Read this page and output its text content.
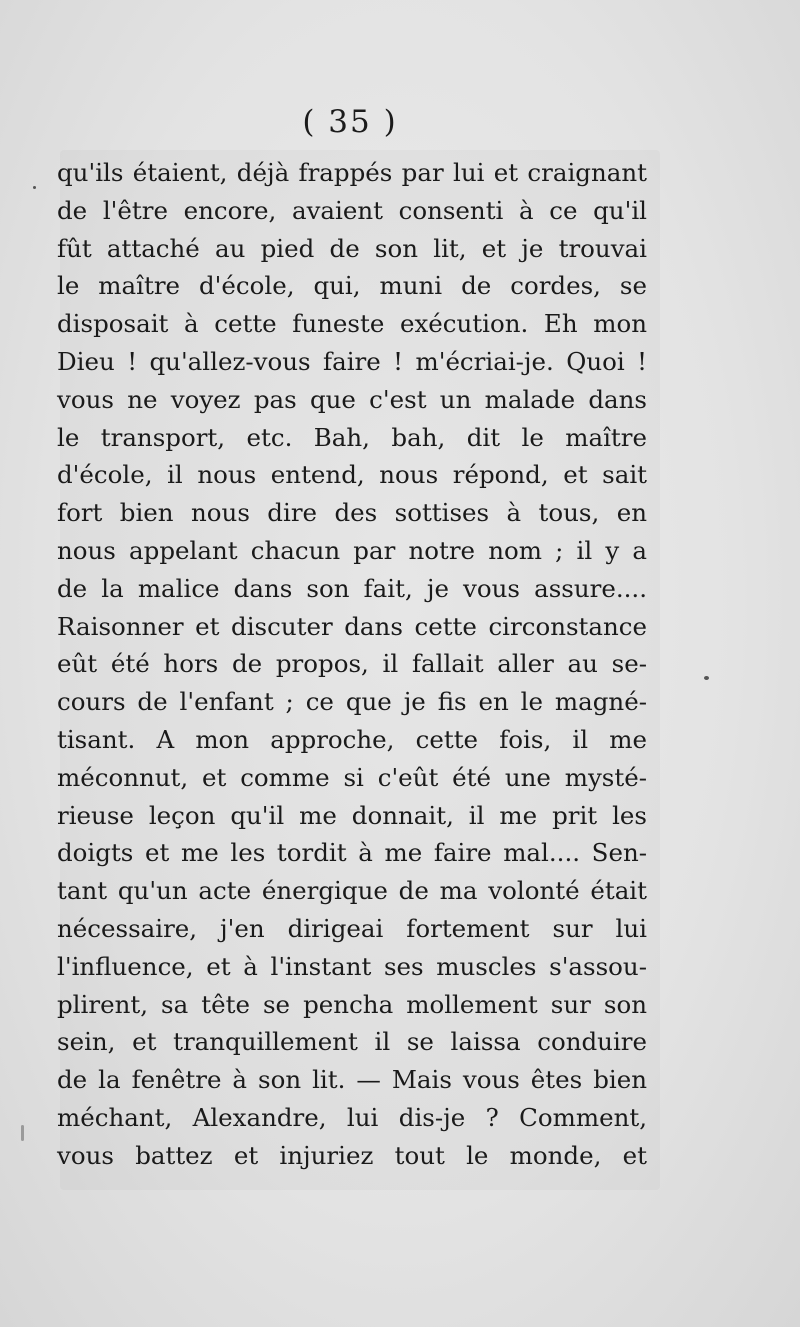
( 35 )
qu'ils étaient, déjà frappés par lui et craignant
de l'être encore, avaient consenti à ce qu'il
fût attaché au pied de son lit, et je trouvai
le maître d'école, qui, muni de cordes, se
disposait à cette funeste exécution. Eh mon
Dieu ! qu'allez-vous faire ! m'écriai-je. Quoi !
vous ne voyez pas que c'est un malade dans
le transport, etc. Bah, bah, dit le maître
d'école, il nous entend, nous répond, et sait
fort bien nous dire des sottises à tous, en
nous appelant chacun par notre nom ; il y a
de la malice dans son fait, je vous assure....
Raisonner et discuter dans cette circonstance
eût été hors de propos, il fallait aller au se-
cours de l'enfant ; ce que je fis en le magné-
tisant. A mon approche, cette fois, il me
méconnut, et comme si c'eût été une mysté-
rieuse leçon qu'il me donnait, il me prit les
doigts et me les tordit à me faire mal.... Sen-
tant qu'un acte énergique de ma volonté était
nécessaire, j'en dirigeai fortement sur lui
l'influence, et à l'instant ses muscles s'assou-
plirent, sa tête se pencha mollement sur son
sein, et tranquillement il se laissa conduire
de la fenêtre à son lit. — Mais vous êtes bien
méchant, Alexandre, lui dis-je ? Comment,
vous battez et injuriez tout le monde, et
